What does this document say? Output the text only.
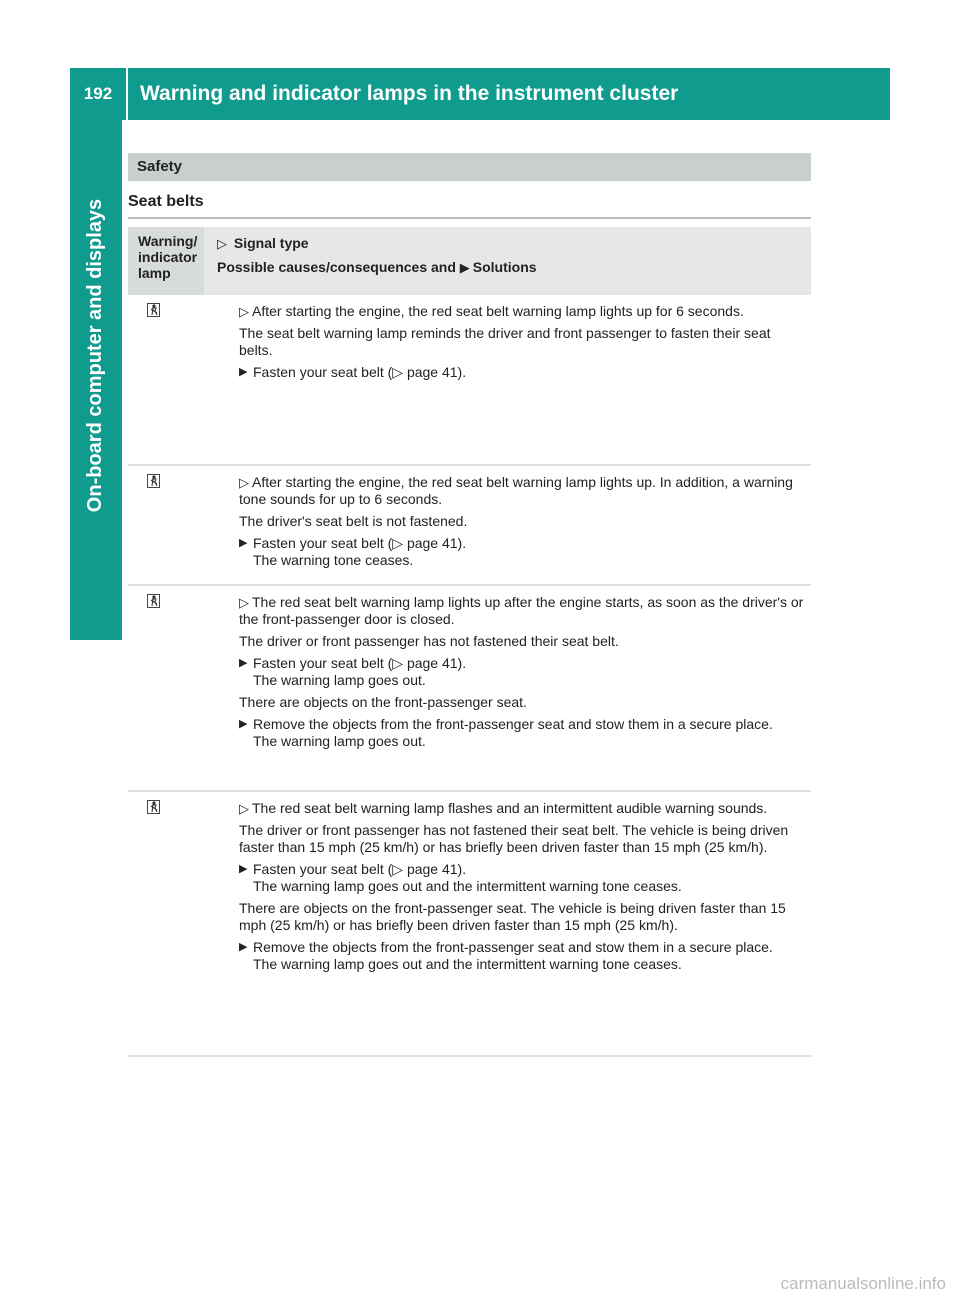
192	Warning and indicator lamps in the instrument cluster
On-board computer and displays
Safety
Seat belts
Warning/ indicator lamp
▷ Signal type
Possible causes/consequences and ▶ Solutions

▷ After starting the engine, the red seat belt warning lamp lights up for 6 seconds.

The seat belt warning lamp reminds the driver and front passenger to fasten their seat belts.

▶ Fasten your seat belt (▷ page 41).

▷ After starting the engine, the red seat belt warning lamp lights up. In addition, a warning tone sounds for up to 6 seconds.

The driver's seat belt is not fastened.

▶ Fasten your seat belt (▷ page 41).
The warning tone ceases.

▷ The red seat belt warning lamp lights up after the engine starts, as soon as the driver's or the front-passenger door is closed.

The driver or front passenger has not fastened their seat belt.

▶ Fasten your seat belt (▷ page 41).
The warning lamp goes out.

There are objects on the front-passenger seat.

▶ Remove the objects from the front-passenger seat and stow them in a secure place.
The warning lamp goes out.

▷ The red seat belt warning lamp flashes and an intermittent audible warning sounds.

The driver or front passenger has not fastened their seat belt. The vehicle is being driven faster than 15 mph (25 km/h) or has briefly been driven faster than 15 mph (25 km/h).

▶ Fasten your seat belt (▷ page 41).
The warning lamp goes out and the intermittent warning tone ceases.

There are objects on the front-passenger seat. The vehicle is being driven faster than 15 mph (25 km/h) or has briefly been driven faster than 15 mph (25 km/h).

▶ Remove the objects from the front-passenger seat and stow them in a secure place.
The warning lamp goes out and the intermittent warning tone ceases.
carmanualsonline.info
